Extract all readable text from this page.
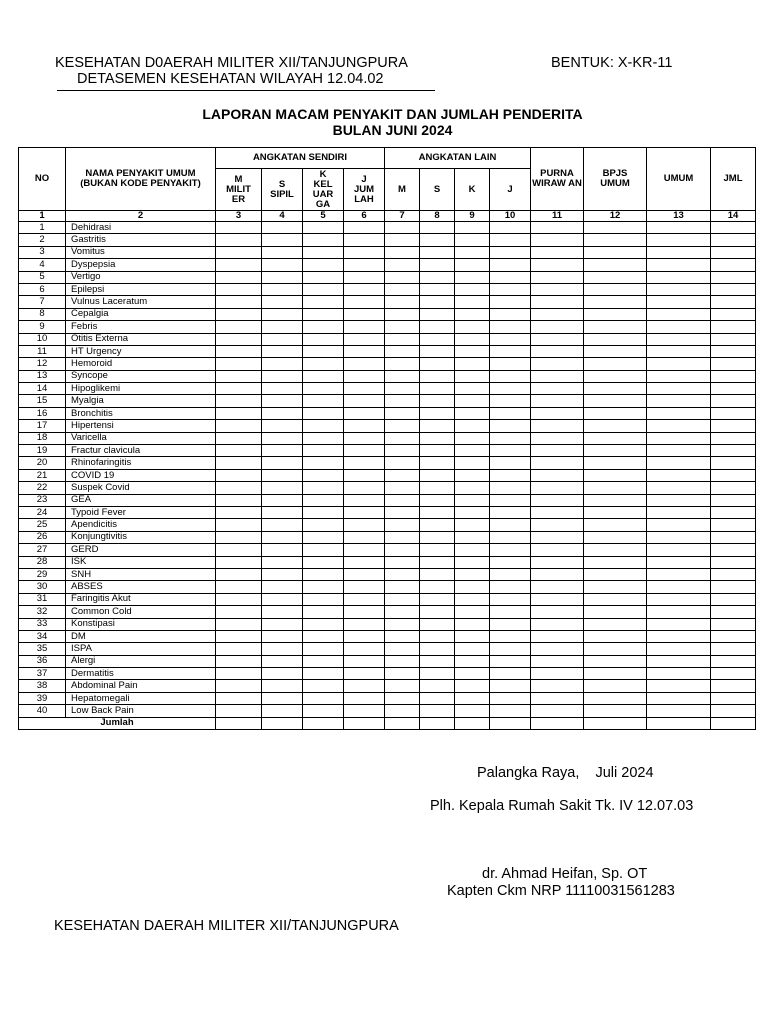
KESEHATAN D0AERAH MILITER XII/TANJUNGPURA
DETASEMEN KESEHATAN WILAYAH 12.04.02
BENTUK: X-KR-11
LAPORAN MACAM PENYAKIT DAN JUMLAH PENDERITA
BULAN JUNI 2024
NO	NAMA PENYAKIT UMUM (BUKAN KODE PENYAKIT)	ANGKATAN SENDIRI				ANGKATAN LAIN				PURNA WIRAW AN	BPJS UMUM	UMUM	JML
		M MILIT ER	S SIPIL	K KEL UAR GA	J JUM LAH	M	S	K	J				
1	2	3	4	5	6	7	8	9	10	11	12	13	14
1	Dehidrasi												
2	Gastritis												
3	Vomitus												
4	Dyspepsia												
5	Vertigo												
6	Epilepsi												
7	Vulnus Laceratum												
8	Cepalgia												
9	Febris												
10	Otitis Externa												
11	HT Urgency												
12	Hemoroid												
13	Syncope												
14	Hipoglikemi												
15	Myalgia												
16	Bronchitis												
17	Hipertensi												
18	Varicella												
19	Fractur clavicula												
20	Rhinofaringitis												
21	COVID 19												
22	Suspek Covid												
23	GEA												
24	Typoid Fever												
25	Apendicitis												
26	Konjungtivitis												
27	GERD												
28	ISK												
29	SNH												
30	ABSES												
31	Faringitis Akut												
32	Common Cold												
33	Konstipasi												
34	DM												
35	ISPA												
36	Alergi												
37	Dermatitis												
38	Abdominal Pain												
39	Hepatomegali												
40	Low Back Pain												
Jumlah													
Palangka Raya,    Juli 2024
Plh. Kepala Rumah Sakit Tk. IV 12.07.03
dr. Ahmad Heifan, Sp. OT
Kapten Ckm NRP 11110031561283
KESEHATAN DAERAH MILITER XII/TANJUNGPURA
